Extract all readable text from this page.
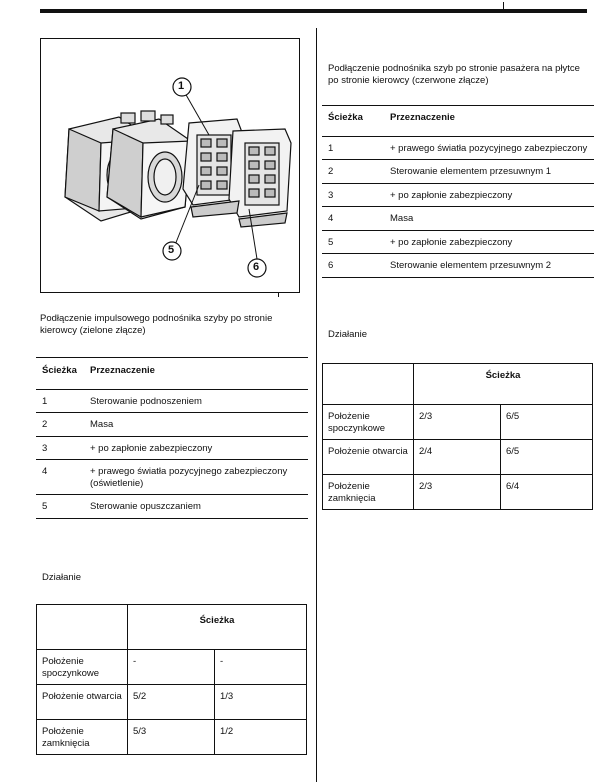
1
5
6

Podłączenie impulsowego podnośnika szyby po stronie kierowcy (zielone złącze)

Ścieżka	Przeznaczenie

1	Sterowanie podnoszeniem

2	Masa

3	+ po zapłonie zabezpieczony

4	+ prawego światła pozycyjnego zabezpieczony (oświetlenie)

5	Sterowanie opuszczaniem

Działanie

	Ścieżka	

Położenie spoczynkowe	-	-

Położenie otwarcia	5/2	1/3

Położenie zamknięcia	5/3	1/2

Podłączenie podnośnika szyb po stronie pasażera na płytce po stronie kierowcy (czerwone złącze)

Ścieżka	Przeznaczenie

1	+ prawego światła pozycyjnego zabezpieczony

2	Sterowanie elementem przesuwnym 1

3	+ po zapłonie zabezpieczony

4	Masa

5	+ po zapłonie zabezpieczony

6	Sterowanie elementem przesuwnym 2

Działanie

	Ścieżka	

Położenie spoczynkowe	2/3	6/5

Położenie otwarcia	2/4	6/5

Położenie zamknięcia	2/3	6/4
